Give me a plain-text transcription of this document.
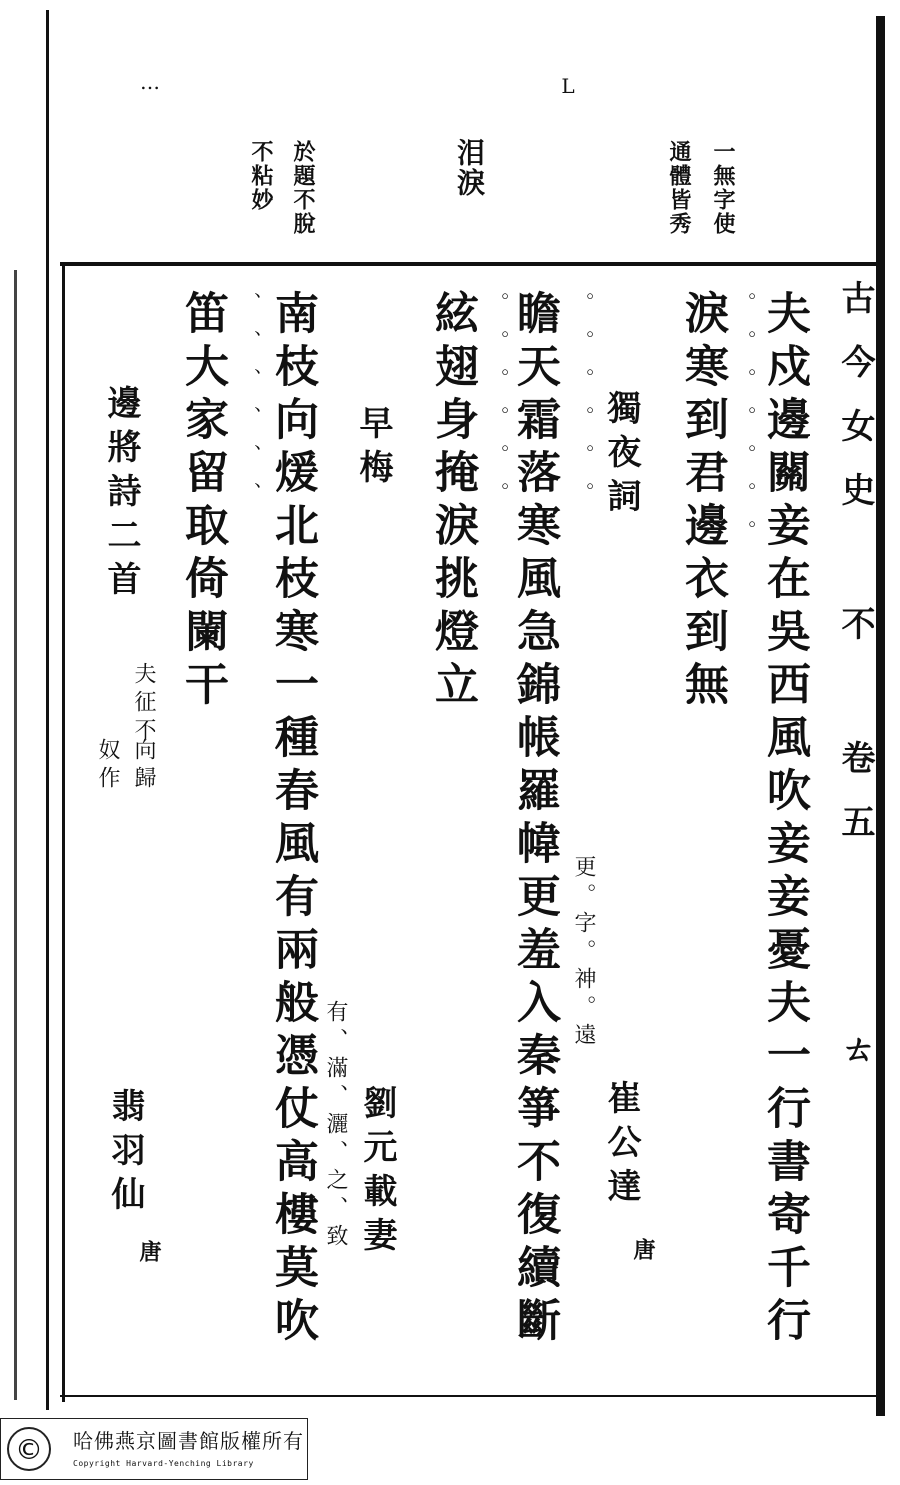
…	L
古今女史 不 卷五
ㄊ
一無字使
通體皆秀
泪淚
於題不脫
不粘妙
夫戍邊關妾在吳西風吹妾妾憂夫一行書寄千行
。。。。。。。
淚寒到君邊衣到無
獨夜詞
崔公達
唐
瞻天霜落寒風急錦帳羅幃更羞入秦箏不復續斷 。。。。。。
更。字。神。遠
絃翅身掩淚挑燈立 。。。。。。
早梅
劉元載妻
有、滿、灑、之、致
南枝向煖北枝寒一種春風有兩般憑仗高樓莫吹
、、、、、、
笛大家留取倚闌干
邊將詩二首
夫征不
向歸
奴作
翡羽仙
唐
©	哈佛燕京圖書館版權所有
Copyright Harvard-Yenching Library
